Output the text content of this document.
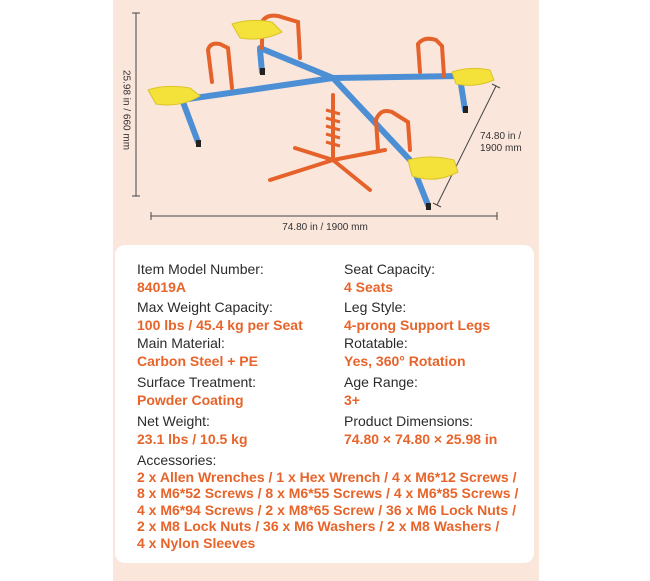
74.80 in / 1900 mm
25.98 in / 660 mm	74.80 in /
1900 mm
Item Model Number:
84019A
Seat Capacity:
4 Seats
Max Weight Capacity:
100 lbs / 45.4 kg per Seat
Leg Style:
4-prong Support Legs
Main Material:
Carbon Steel + PE
Rotatable:
Yes, 360° Rotation
Surface Treatment:
Powder Coating
Age Range:
3+
Net Weight:
23.1 lbs / 10.5 kg
Product Dimensions:
74.80 × 74.80 × 25.98 in
Accessories:
2 x Allen Wrenches / 1 x Hex Wrench / 4 x M6*12 Screws /
8 x M6*52 Screws / 8 x M6*55 Screws / 4 x M6*85 Screws /
4 x M6*94 Screws / 2 x M8*65 Screw / 36 x M6 Lock Nuts /
2 x M8 Lock Nuts / 36 x M6 Washers / 2 x M8 Washers /
4 x Nylon Sleeves
